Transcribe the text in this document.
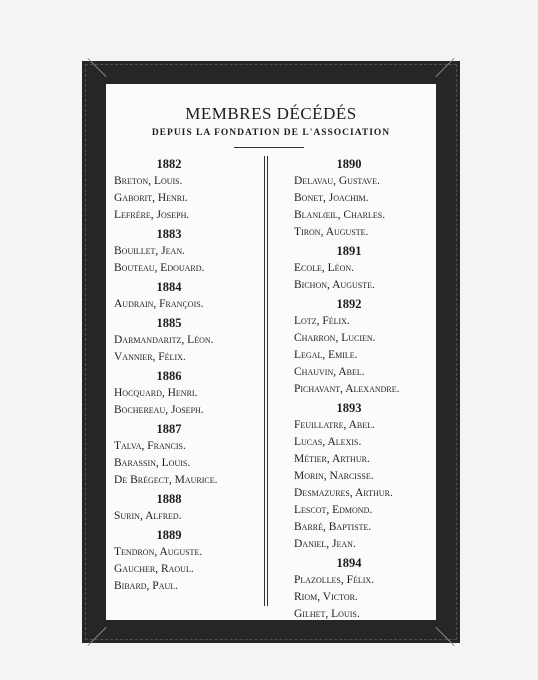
MEMBRES DÉCÉDÉS
DEPUIS LA FONDATION DE L'ASSOCIATION
1882
Breton, Louis.
Gaborit, Henri.
Lefrère, Joseph.
1883
Bouillet, Jean.
Bouteau, Edouard.
1884
Audrain, François.
1885
Darmandaritz, Léon.
Vannier, Félix.
1886
Hocquard, Henri.
Bochereau, Joseph.
1887
Talva, Francis.
Barassin, Louis.
De Brégect, Maurice.
1888
Surin, Alfred.
1889
Tendron, Auguste.
Gaucher, Raoul.
Bibard, Paul.
1890
Delavau, Gustave.
Bonet, Joachim.
Blanlœil, Charles.
Tiron, Auguste.
1891
Ecole, Léon.
Bichon, Auguste.
1892
Lotz, Félix.
Charron, Lucien.
Legal, Emile.
Chauvin, Abel.
Pichavant, Alexandre.
1893
Feuillatre, Abel.
Lucas, Alexis.
Métier, Arthur.
Morin, Narcisse.
Desmazures, Arthur.
Lescot, Edmond.
Barré, Baptiste.
Daniel, Jean.
1894
Plazolles, Félix.
Riom, Victor.
Gilhet, Louis.
